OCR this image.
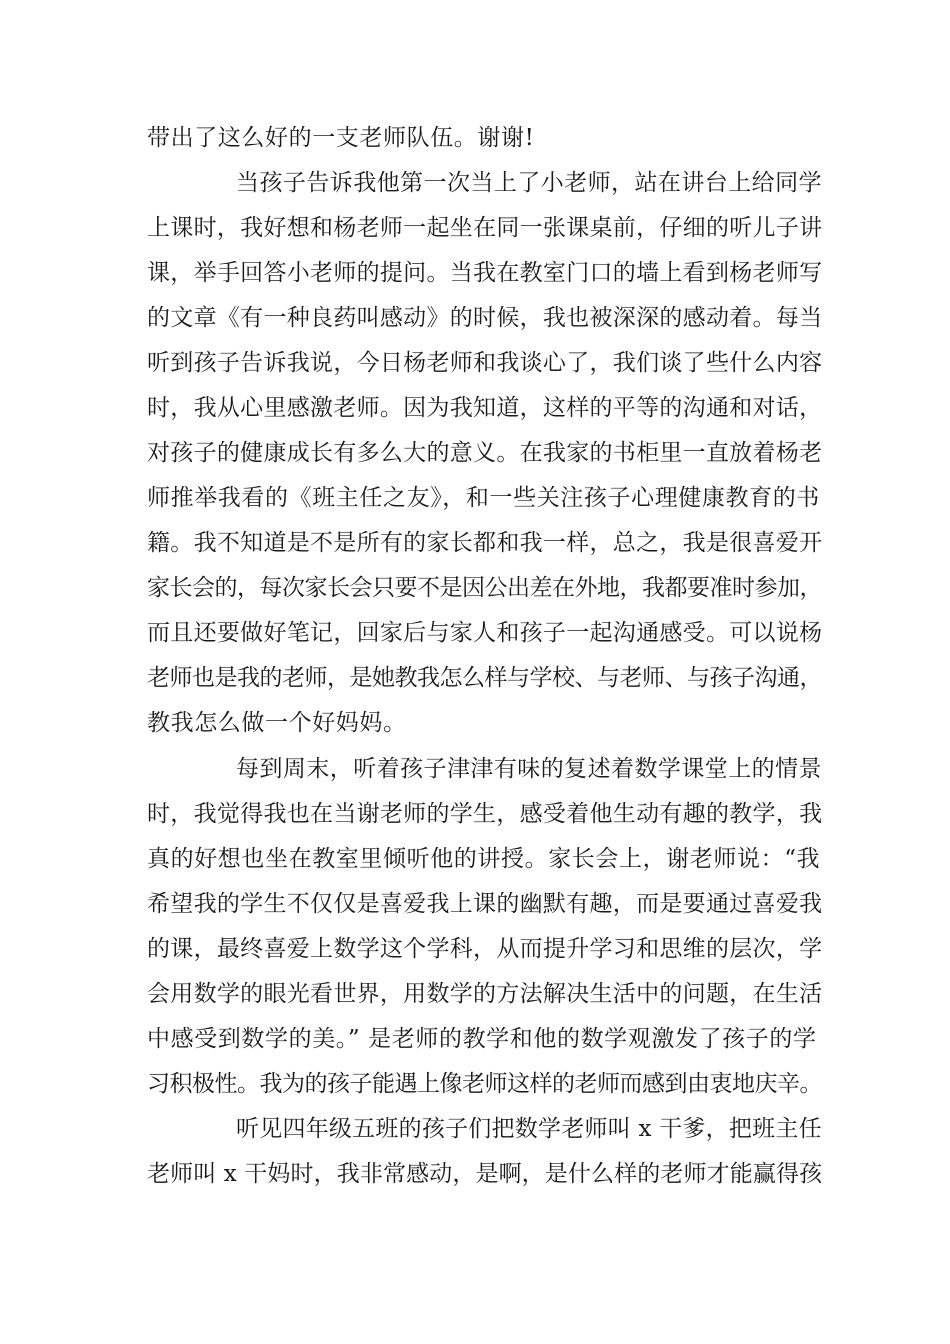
带出了这么好的一支老师队伍。谢谢!

当孩子告诉我他第一次当上了小老师，站在讲台上给同学

上课时，我好想和杨老师一起坐在同一张课桌前，仔细的听儿子讲

课，举手回答小老师的提问。当我在教室门口的墙上看到杨老师写

的文章《有一种良药叫感动》的时候，我也被深深的感动着。每当

听到孩子告诉我说，今日杨老师和我谈心了，我们谈了些什么内容

时，我从心里感激老师。因为我知道，这样的平等的沟通和对话，

对孩子的健康成长有多么大的意义。在我家的书柜里一直放着杨老

师推举我看的《班主任之友》，和一些关注孩子心理健康教育的书

籍。我不知道是不是所有的家长都和我一样，总之，我是很喜爱开

家长会的，每次家长会只要不是因公出差在外地，我都要准时参加，

而且还要做好笔记，回家后与家人和孩子一起沟通感受。可以说杨

老师也是我的老师，是她教我怎么样与学校、与老师、与孩子沟通，

教我怎么做一个好妈妈。

每到周末，听着孩子津津有味的复述着数学课堂上的情景

时，我觉得我也在当谢老师的学生，感受着他生动有趣的教学，我

真的好想也坐在教室里倾听他的讲授。家长会上，谢老师说：“我

希望我的学生不仅仅是喜爱我上课的幽默有趣，而是要通过喜爱我

的课，最终喜爱上数学这个学科，从而提升学习和思维的层次，学

会用数学的眼光看世界，用数学的方法解决生活中的问题，在生活

中感受到数学的美。” 是老师的教学和他的数学观激发了孩子的学

习积极性。我为的孩子能遇上像老师这样的老师而感到由衷地庆辛。

听见四年级五班的孩子们把数学老师叫 x 干爹，把班主任

老师叫 x 干妈时，我非常感动，是啊，是什么样的老师才能赢得孩
